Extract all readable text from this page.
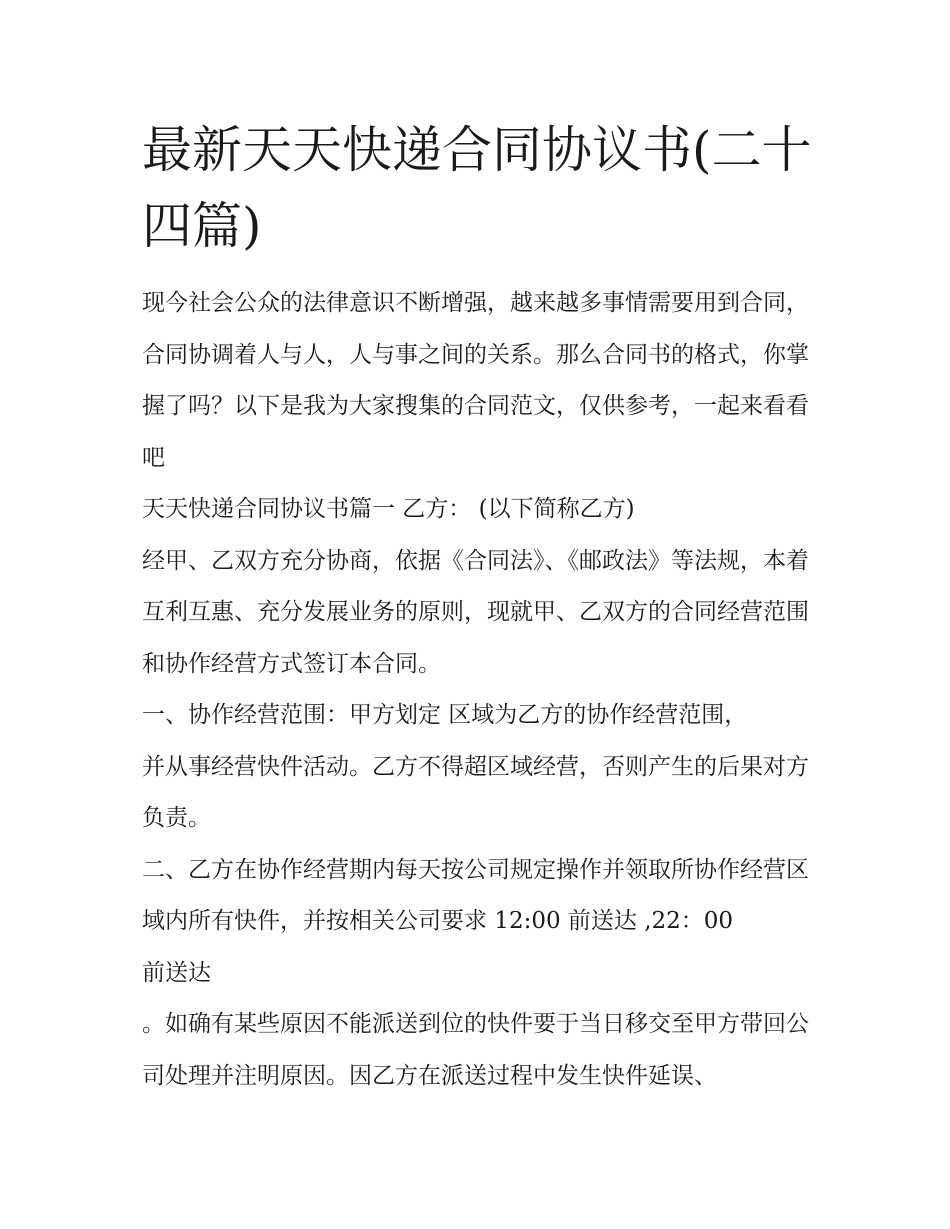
最新天天快递合同协议书(二十
四篇)

现今社会公众的法律意识不断增强，越来越多事情需要用到合同，合同协调着人与人，人与事之间的关系。那么合同书的格式，你掌握了吗？以下是我为大家搜集的合同范文，仅供参考，一起来看看吧

天天快递合同协议书篇一 乙方： (以下简称乙方)

经甲、乙双方充分协商，依据《合同法》、《邮政法》等法规，本着互利互惠、充分发展业务的原则，现就甲、乙双方的合同经营范围和协作经营方式签订本合同。

一、协作经营范围：甲方划定 区域为乙方的协作经营范围，

并从事经营快件活动。乙方不得超区域经营，否则产生的后果对方负责。

二、乙方在协作经营期内每天按公司规定操作并领取所协作经营区域内所有快件，并按相关公司要求 12:00 前送达 ,22：00

前送达

。如确有某些原因不能派送到位的快件要于当日移交至甲方带回公司处理并注明原因。因乙方在派送过程中发生快件延误、
